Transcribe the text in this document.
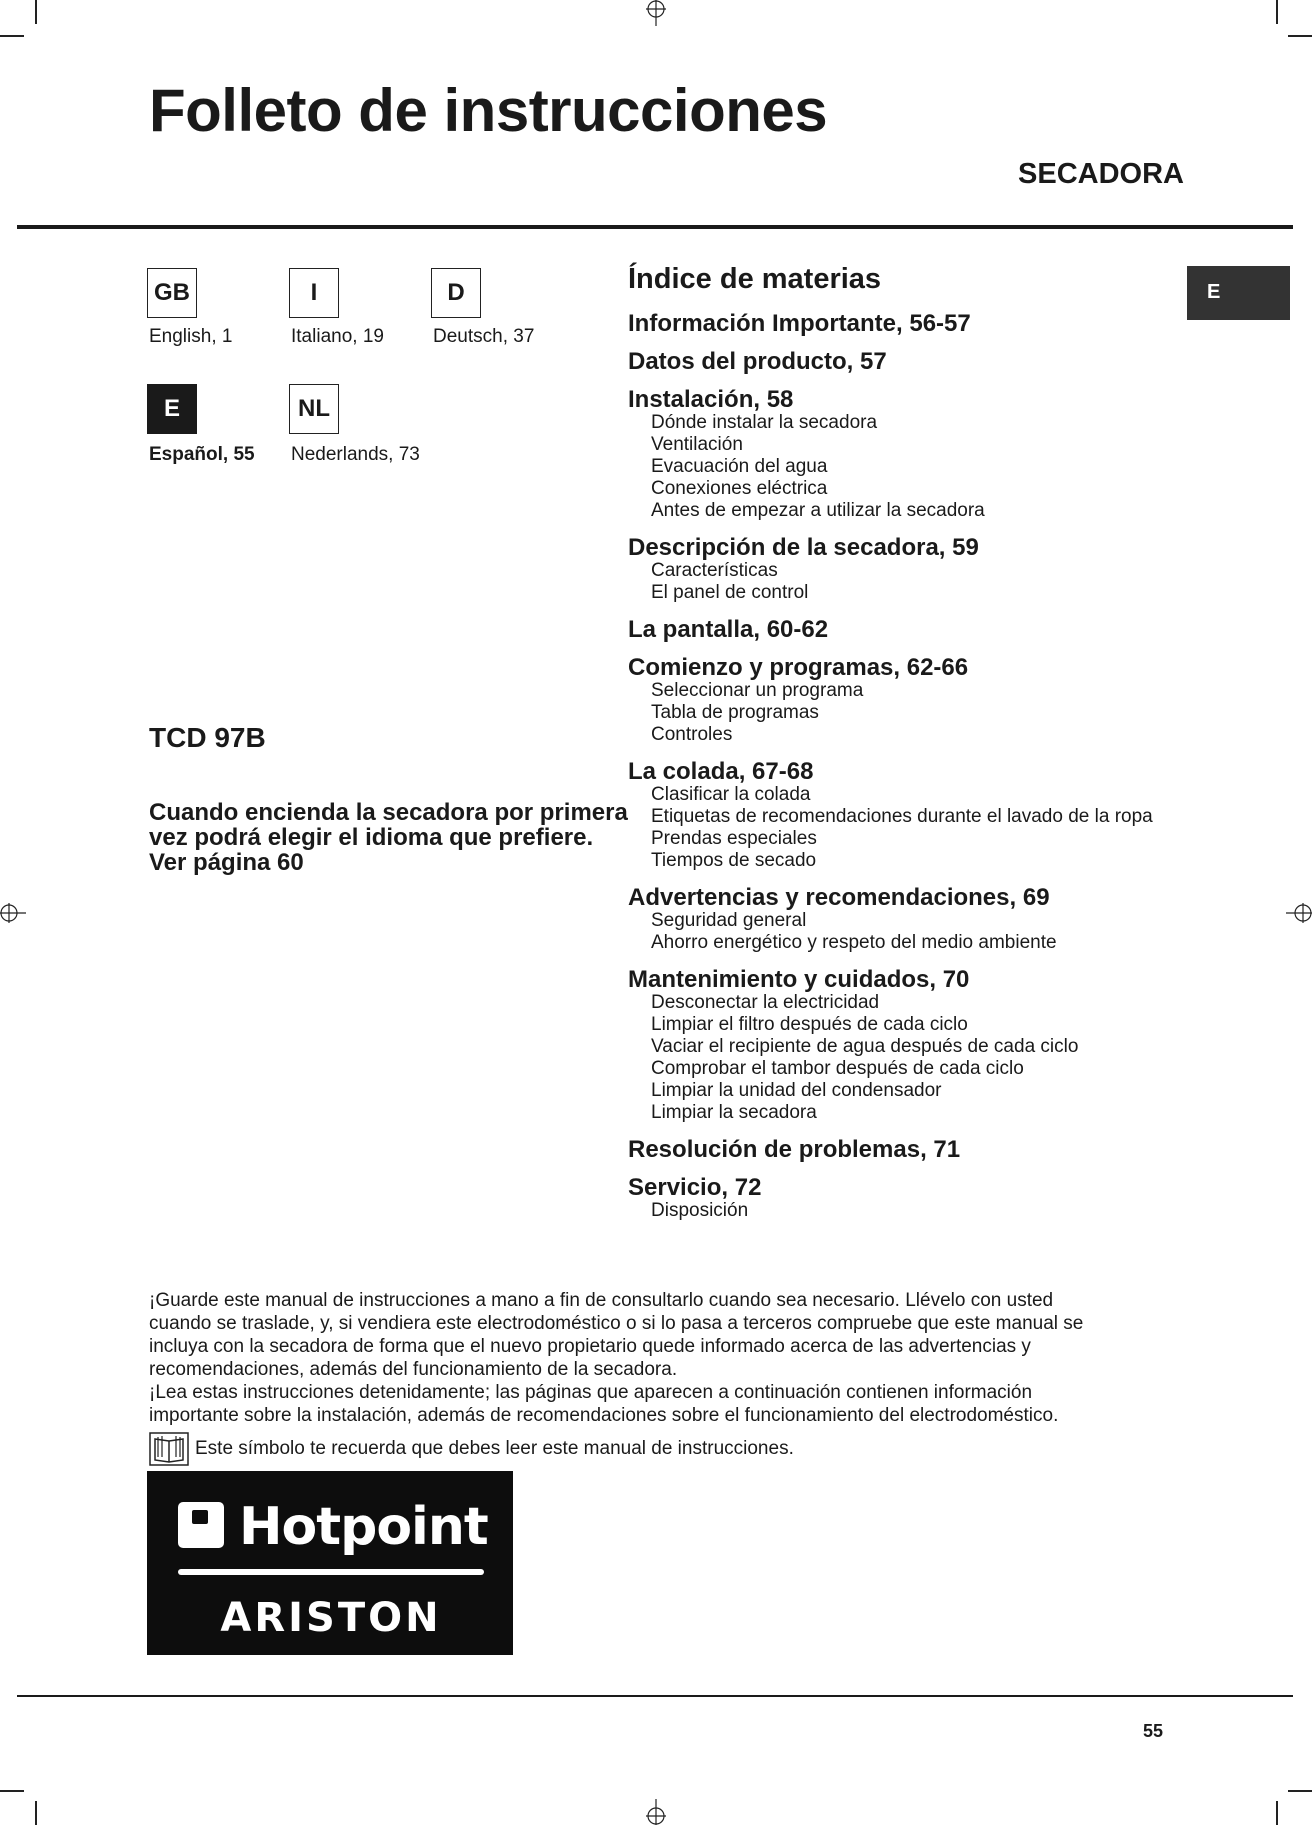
Folleto de instrucciones
SECADORA
GB
English, 1
I
Italiano, 19
D
Deutsch, 37
E
Español, 55
NL
Nederlands, 73
TCD 97B
Cuando encienda la secadora por primera vez podrá elegir el idioma que prefiere. Ver página 60
E
Índice de materias
Información Importante, 56-57
Datos del producto, 57
Instalación, 58
Dónde instalar la secadora
Ventilación
Evacuación del agua
Conexiones eléctrica
Antes de empezar a utilizar la secadora
Descripción de la secadora, 59
Características
El panel de control
La pantalla, 60-62
Comienzo y programas, 62-66
Seleccionar un programa
Tabla de programas
Controles
La colada, 67-68
Clasificar la colada
Etiquetas de recomendaciones durante el lavado de la ropa
Prendas especiales
Tiempos de secado
Advertencias y recomendaciones, 69
Seguridad general
Ahorro energético y respeto del medio ambiente
Mantenimiento y cuidados, 70
Desconectar la electricidad
Limpiar el filtro después de cada ciclo
Vaciar el recipiente de agua después de cada ciclo
Comprobar el tambor después de cada ciclo
Limpiar la unidad del condensador
Limpiar la secadora
Resolución de problemas, 71
Servicio, 72
Disposición
¡Guarde este manual de instrucciones a mano a fin de consultarlo cuando sea necesario. Llévelo con usted
cuando se traslade, y, si vendiera este electrodoméstico o si lo pasa a terceros compruebe que este manual se
incluya con la secadora de forma que el nuevo propietario quede informado acerca de las advertencias y
recomendaciones, además del funcionamiento de la secadora.
¡Lea estas instrucciones detenidamente; las páginas que aparecen a continuación contienen información
importante sobre la instalación, además de recomendaciones sobre el funcionamiento del electrodoméstico.
Este símbolo te recuerda que debes leer este manual de instrucciones.
Hotpoint
ARISTON
55
